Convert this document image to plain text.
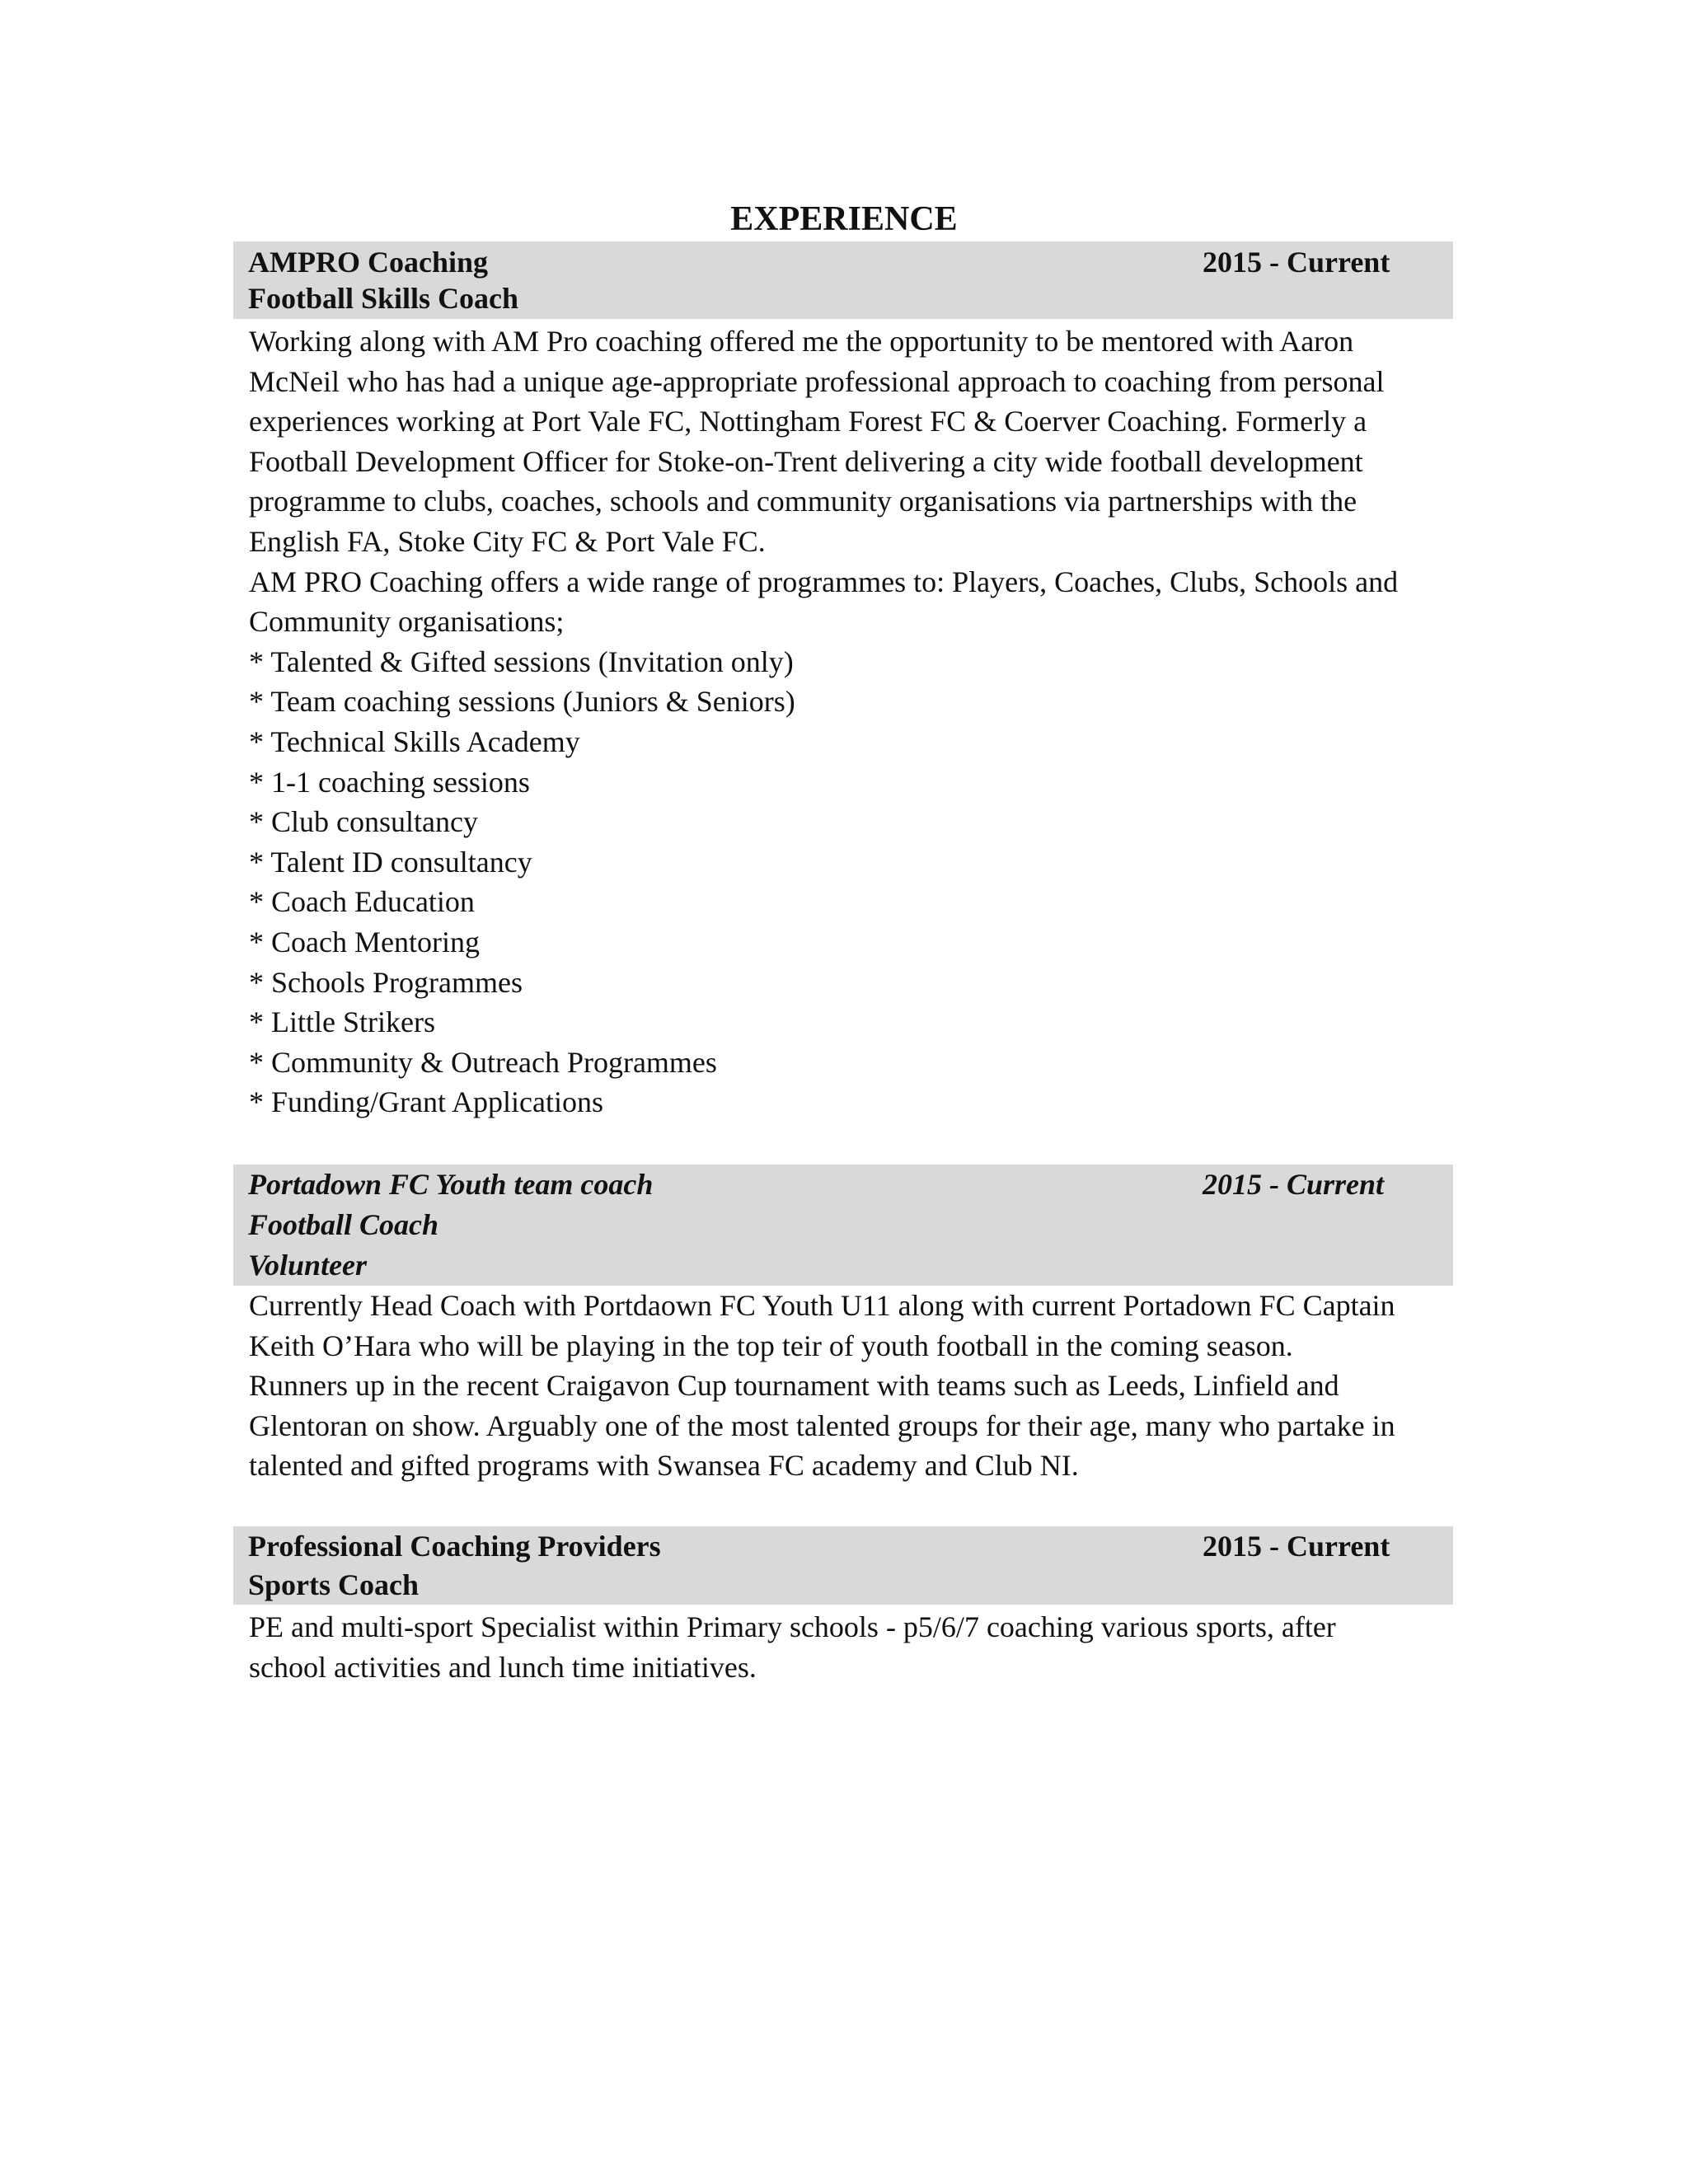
EXPERIENCE
AMPRO Coaching	2015 - Current
Football Skills Coach

Working along with AM Pro coaching offered me the opportunity to be mentored with Aaron

McNeil who has had a unique age-appropriate professional approach to coaching from personal

experiences working at Port Vale FC, Nottingham Forest FC & Coerver Coaching. Formerly a

Football Development Officer for Stoke-on-Trent delivering a city wide football development

programme to clubs, coaches, schools and community organisations via partnerships with the

English FA, Stoke City FC & Port Vale FC.

AM PRO Coaching offers a wide range of programmes to: Players, Coaches, Clubs, Schools and

Community organisations;

* Talented & Gifted sessions (Invitation only)
* Team coaching sessions (Juniors & Seniors)
* Technical Skills Academy
* 1-1 coaching sessions
* Club consultancy
* Talent ID consultancy
* Coach Education
* Coach Mentoring
* Schools Programmes
* Little Strikers
* Community & Outreach Programmes
* Funding/Grant Applications
Portadown FC Youth team coach	2015 - Current
Football Coach
Volunteer

Currently Head Coach with Portdaown FC Youth U11 along with current Portadown FC Captain

Keith O’Hara who will be playing in the top teir of youth football in the coming season.

Runners up in the recent Craigavon Cup tournament with teams such as Leeds, Linfield and

Glentoran on show. Arguably one of the most talented groups for their age, many who partake in

talented and gifted programs with Swansea FC academy and Club NI.

Professional Coaching Providers	2015 - Current
Sports Coach

PE and multi-sport Specialist within Primary schools - p5/6/7 coaching various sports, after

school activities and lunch time initiatives.
